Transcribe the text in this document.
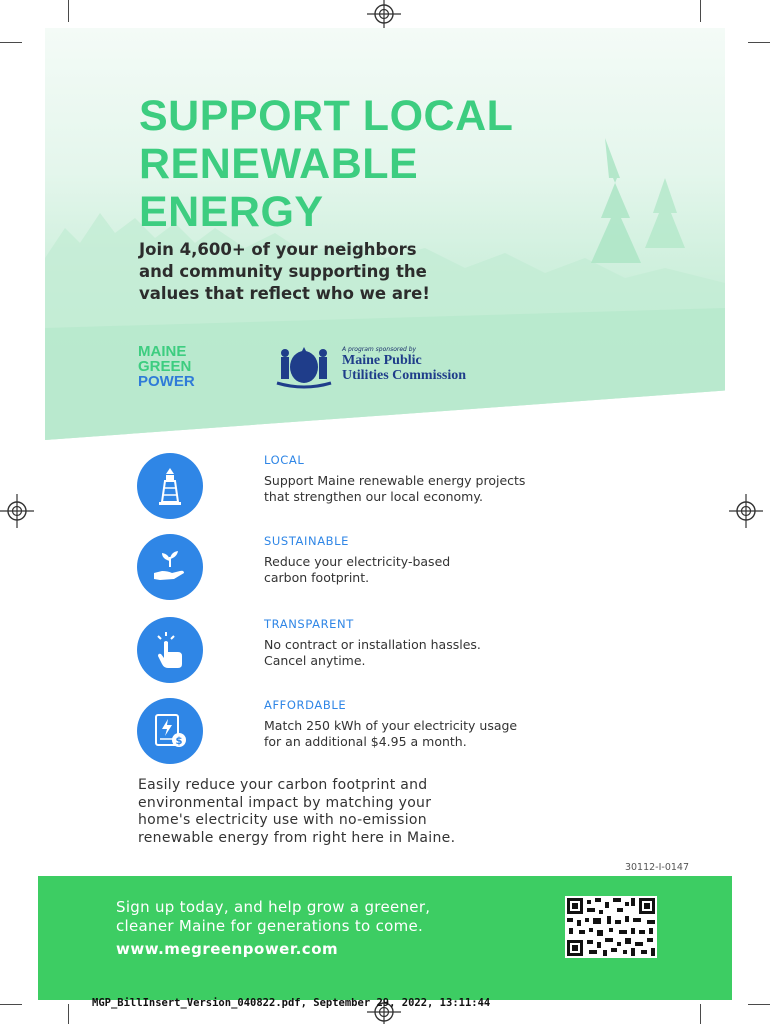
SUPPORT LOCAL
RENEWABLE
ENERGY
Join 4,600+ of your neighbors
and community supporting the
values that reflect who we are!
MAINE
GREEN
POWER
A program sponsored by
Maine Public
Utilities Commission
LOCAL
Support Maine renewable energy projects
that strengthen our local economy.
SUSTAINABLE
Reduce your electricity-based
carbon footprint.
TRANSPARENT
No contract or installation hassles.
Cancel anytime.
$
AFFORDABLE
Match 250 kWh of your electricity usage
for an additional $4.95 a month.
Easily reduce your carbon footprint and
environmental impact by matching your
home's electricity use with no-emission
renewable energy from right here in Maine.
30112-I-0147
Sign up today, and help grow a greener,
cleaner Maine for generations to come.
www.megreenpower.com
MGP_BillInsert_Version_040822.pdf, September 29, 2022, 13:11:44
